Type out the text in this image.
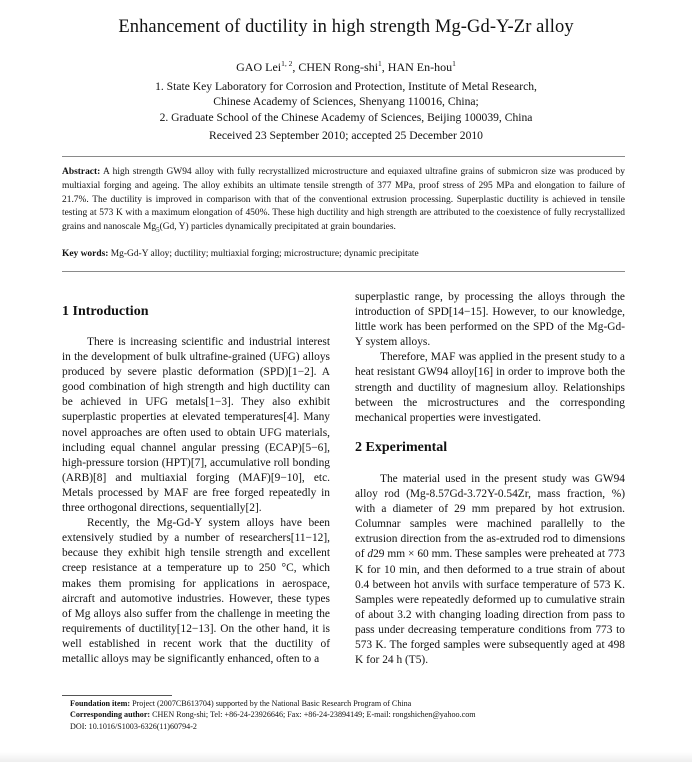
Enhancement of ductility in high strength Mg-Gd-Y-Zr alloy
GAO Lei$^{1, 2}$, CHEN Rong-shi$^1$, HAN En-hou$^1$
1. State Key Laboratory for Corrosion and Protection, Institute of Metal Research,
Chinese Academy of Sciences, Shenyang 110016, China;
2. Graduate School of the Chinese Academy of Sciences, Beijing 100039, China
Received 23 September 2010; accepted 25 December 2010
Abstract: A high strength GW94 alloy with fully recrystallized microstructure and equiaxed ultrafine grains of submicron size was produced by multiaxial forging and ageing. The alloy exhibits an ultimate tensile strength of 377 MPa, proof stress of 295 MPa and elongation to failure of 21.7%. The ductility is improved in comparison with that of the conventional extrusion processing. Superplastic ductility is achieved in tensile testing at 573 K with a maximum elongation of 450%. These high ductility and high strength are attributed to the coexistence of fully recrystallized grains and nanoscale $Mg_5(Gd$, Y) particles dynamically precipitated at grain boundaries.
Key words: Mg-Gd-Y alloy; ductility; multiaxial forging; microstructure; dynamic precipitate
1 Introduction

There is increasing scientific and industrial interest in the development of bulk ultrafine-grained (UFG) alloys produced by severe plastic deformation (SPD)[1−2]. A good combination of high strength and high ductility can be achieved in UFG metals[1−3]. They also exhibit superplastic properties at elevated temperatures[4]. Many novel approaches are often used to obtain UFG materials, including equal channel angular pressing (ECAP)[5−6], high-pressure torsion (HPT)[7], accumulative roll bonding (ARB)[8] and multiaxial forging (MAF)[9−10], etc. Metals processed by MAF are free forged repeatedly in three orthogonal directions, sequentially[2].

Recently, the Mg-Gd-Y system alloys have been extensively studied by a number of researchers[11−12], because they exhibit high tensile strength and excellent creep resistance at a temperature up to 250 °C, which makes them promising for applications in aerospace, aircraft and automotive industries. However, these types of Mg alloys also suffer from the challenge in meeting the requirements of ductility[12−13]. On the other hand, it is well established in recent work that the ductility of metallic alloys may be significantly enhanced, often to a

superplastic range, by processing the alloys through the introduction of SPD[14−15]. However, to our knowledge, little work has been performed on the SPD of the Mg-Gd-Y system alloys.

Therefore, MAF was applied in the present study to a heat resistant GW94 alloy[16] in order to improve both the strength and ductility of magnesium alloy. Relationships between the microstructures and the corresponding mechanical properties were investigated.

2 Experimental

The material used in the present study was GW94 alloy rod (Mg-8.57Gd-3.72Y-0.54Zr, mass fraction, %) with a diameter of 29 mm prepared by hot extrusion. Columnar samples were machined parallelly to the extrusion direction from the as-extruded rod to dimensions of d29 mm × 60 mm. These samples were preheated at 773 K for 10 min, and then deformed to a true strain of about 0.4 between hot anvils with surface temperature of 573 K. Samples were repeatedly deformed up to cumulative strain of about 3.2 with changing loading direction from pass to pass under decreasing temperature conditions from 773 to 573 K. The forged samples were subsequently aged at 498 K for 24 h (T5).

Foundation item: Project (2007CB613704) supported by the National Basic Research Program of China
Corresponding author: CHEN Rong-shi; Tel: +86-24-23926646; Fax: +86-24-23894149; E-mail: rongshichen@yahoo.com
DOI: 10.1016/S1003-6326(11)60794-2
